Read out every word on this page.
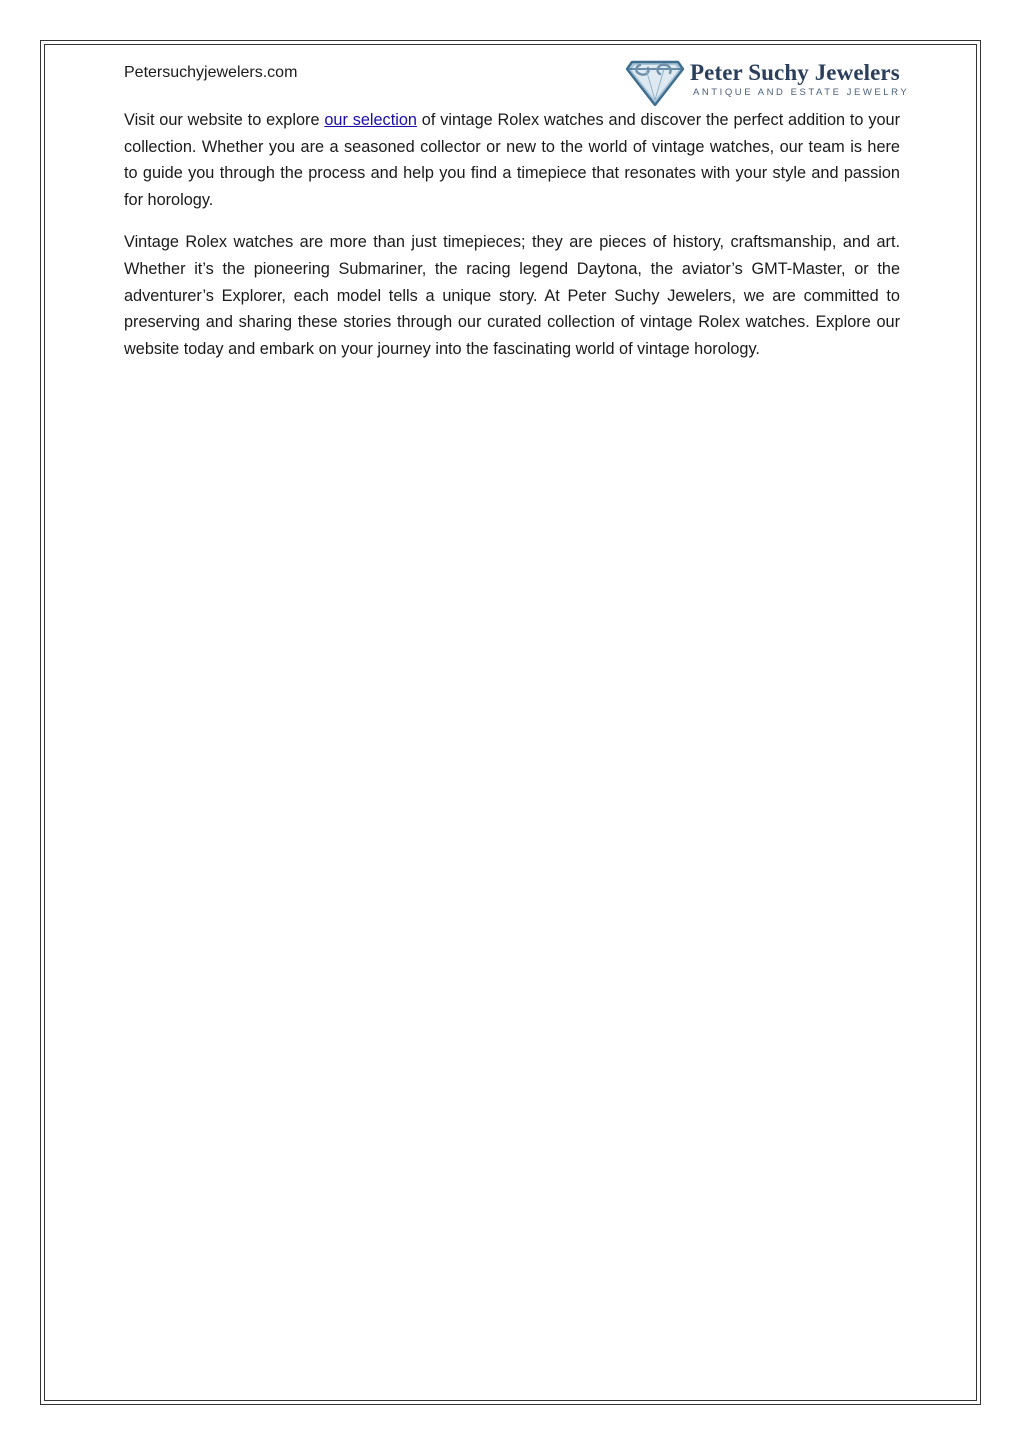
Petersuchyjewelers.com	Peter Suchy Jewelers
ANTIQUE AND ESTATE JEWELRY

Visit our website to explore our selection of vintage Rolex watches and discover the perfect addition to your collection. Whether you are a seasoned collector or new to the world of vintage watches, our team is here to guide you through the process and help you find a timepiece that resonates with your style and passion for horology.

Vintage Rolex watches are more than just timepieces; they are pieces of history, craftsmanship, and art. Whether it’s the pioneering Submariner, the racing legend Daytona, the aviator’s GMT-Master, or the adventurer’s Explorer, each model tells a unique story. At Peter Suchy Jewelers, we are committed to preserving and sharing these stories through our curated collection of vintage Rolex watches. Explore our website today and embark on your journey into the fascinating world of vintage horology.
